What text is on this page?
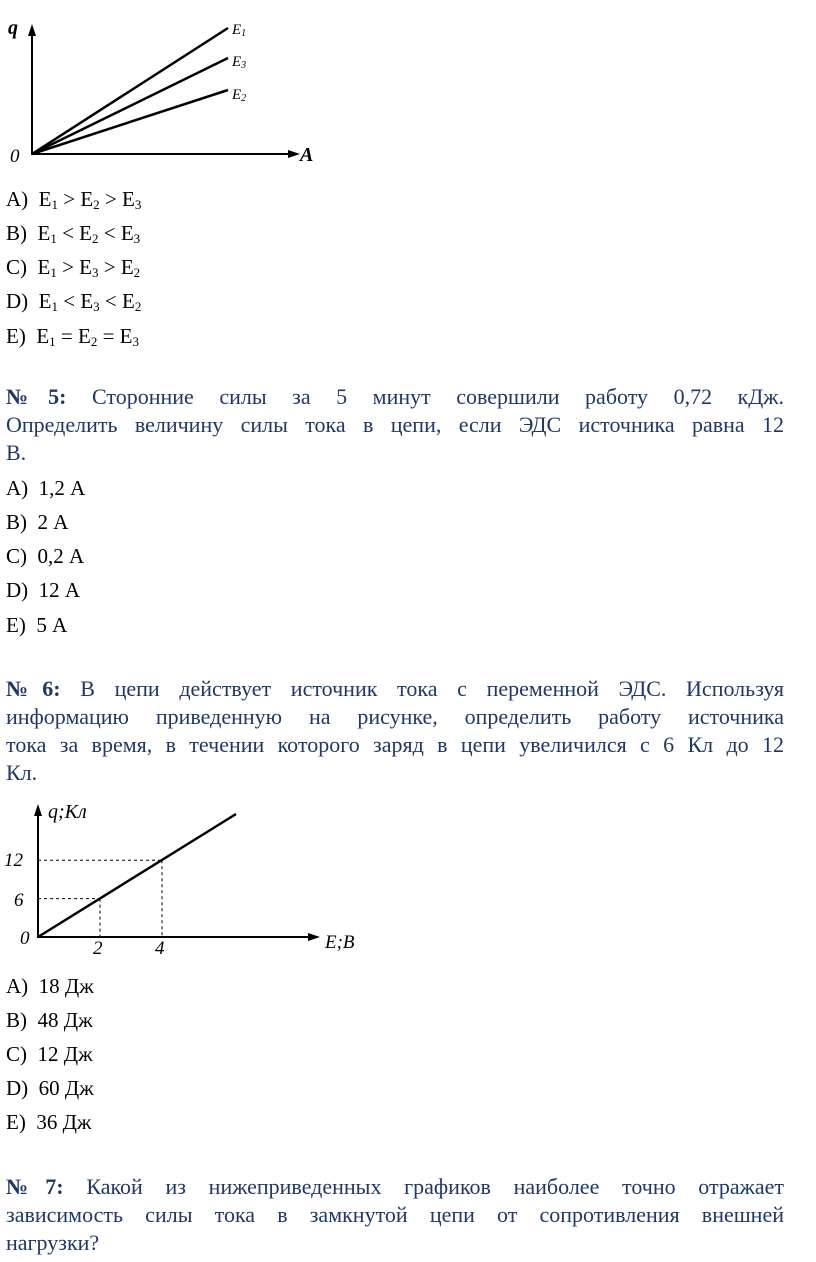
q
A
0
E1
E3
E2
A)  $E_1 > E_2 > E_3$
B)  $E_1 < E_2 < E_3$
C)  $E_1 > E_3 > E_2$
D)  $E_1 < E_3 < E_2$
E)  $E_1 = E_2 = E_3$
№5: Сторонние силы за 5 минут совершили работу 0,72 кДж.
Определить величину силы тока в цепи, если ЭДС источника равна 12
В.
A) 1,2 А
B) 2 А
C) 0,2 А
D) 12 А
E) 5 А
№6: В цепи действует источник тока с переменной ЭДС. Используя
информацию приведенную на рисунке, определить работу источника
тока за время, в течении которого заряд в цепи увеличился с 6 Кл до 12
Кл.
q;Кл
E;B
0
12
6
2	4
A) 18 Дж
B) 48 Дж
C) 12 Дж
D) 60 Дж
E) 36 Дж
№7: Какой из нижеприведенных графиков наиболее точно отражает
зависимость силы тока в замкнутой цепи от сопротивления внешней
нагрузки?
